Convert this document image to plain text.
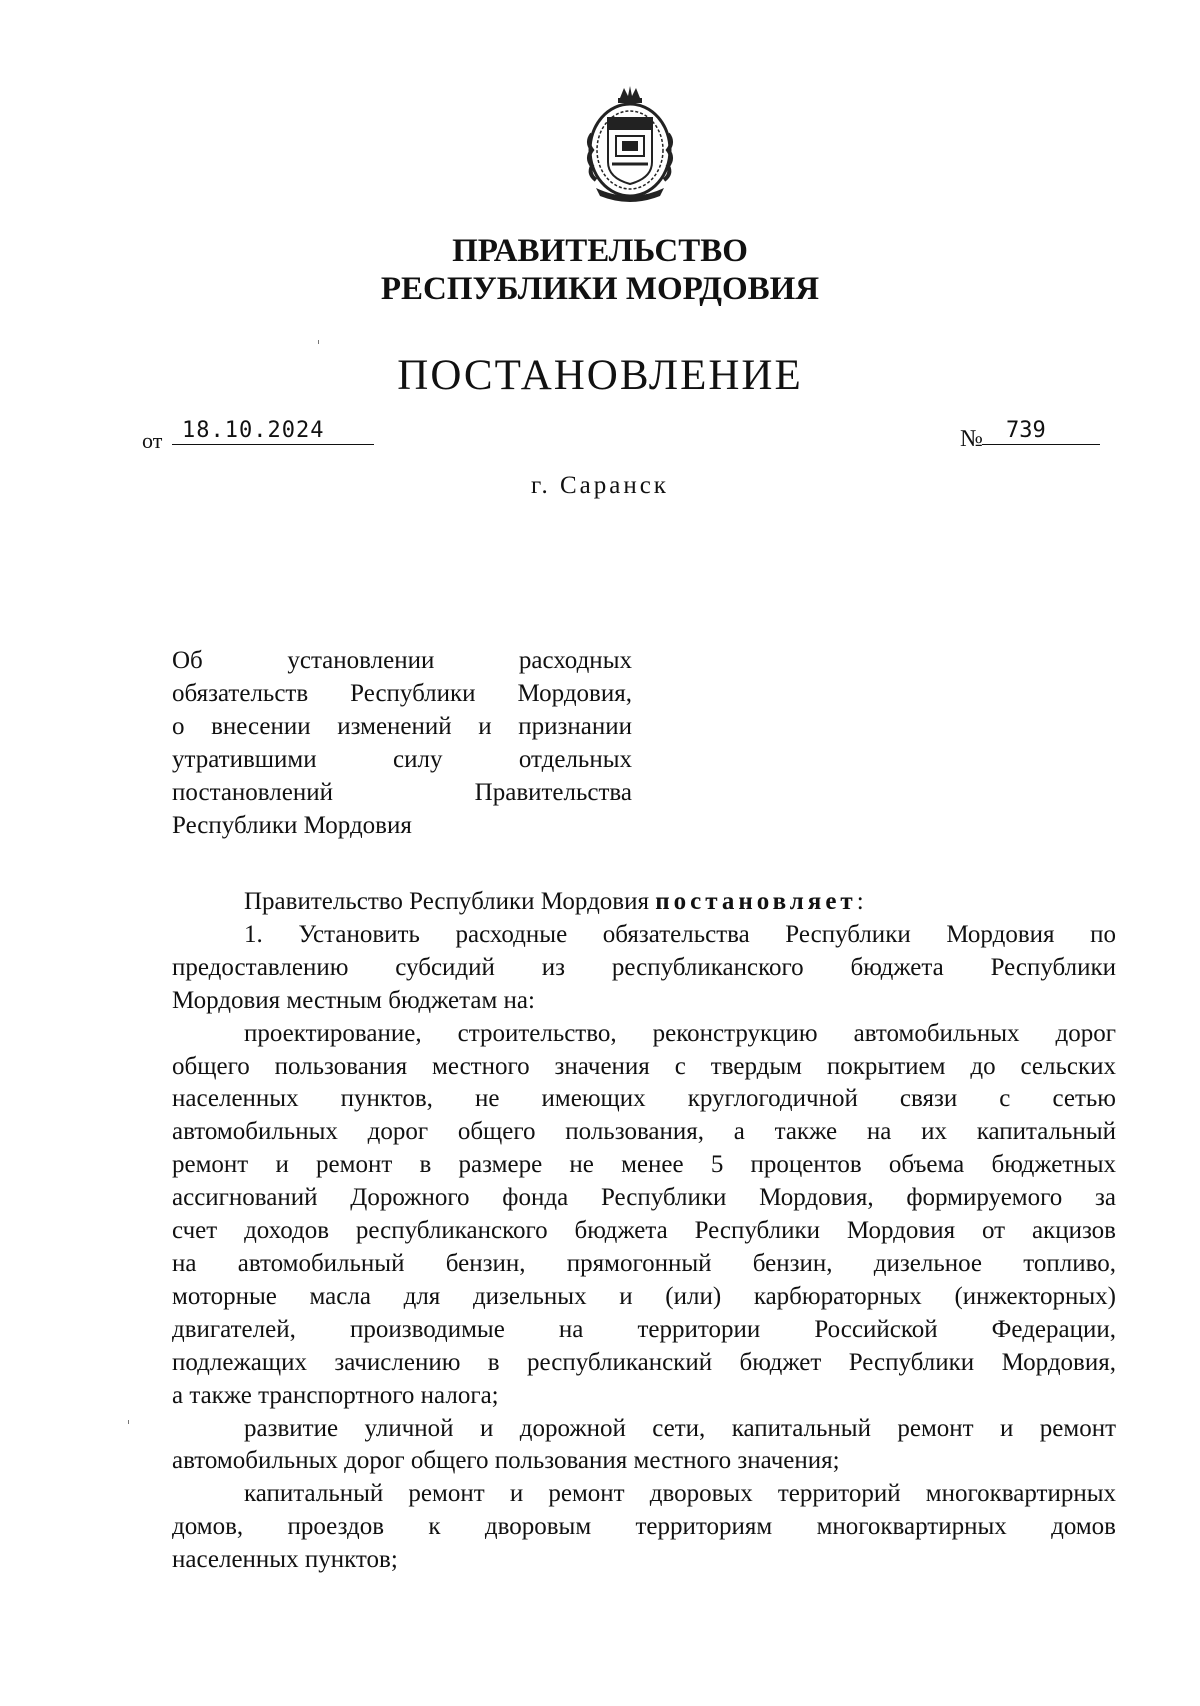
ПРАВИТЕЛЬСТВО
РЕСПУБЛИКИ МОРДОВИЯ
ПОСТАНОВЛЕНИЕ
от 18.10.2024	№ 739
г. Саранск
Об установлении расходных
обязательств Республики Мордовия,
о внесении изменений и признании
утратившими силу отдельных
постановлений Правительства
Республики Мордовия
Правительство Республики Мордовия постановляет:
1. Установить расходные обязательства Республики Мордовия по
предоставлению субсидий из республиканского бюджета Республики
Мордовия местным бюджетам на:
проектирование, строительство, реконструкцию автомобильных дорог
общего пользования местного значения с твердым покрытием до сельских
населенных пунктов, не имеющих круглогодичной связи с сетью
автомобильных дорог общего пользования, а также на их капитальный
ремонт и ремонт в размере не менее 5 процентов объема бюджетных
ассигнований Дорожного фонда Республики Мордовия, формируемого за
счет доходов республиканского бюджета Республики Мордовия от акцизов
на автомобильный бензин, прямогонный бензин, дизельное топливо,
моторные масла для дизельных и (или) карбюраторных (инжекторных)
двигателей, производимые на территории Российской Федерации,
подлежащих зачислению в республиканский бюджет Республики Мордовия,
а также транспортного налога;
развитие уличной и дорожной сети, капитальный ремонт и ремонт
автомобильных дорог общего пользования местного значения;
капитальный ремонт и ремонт дворовых территорий многоквартирных
домов, проездов к дворовым территориям многоквартирных домов
населенных пунктов;
